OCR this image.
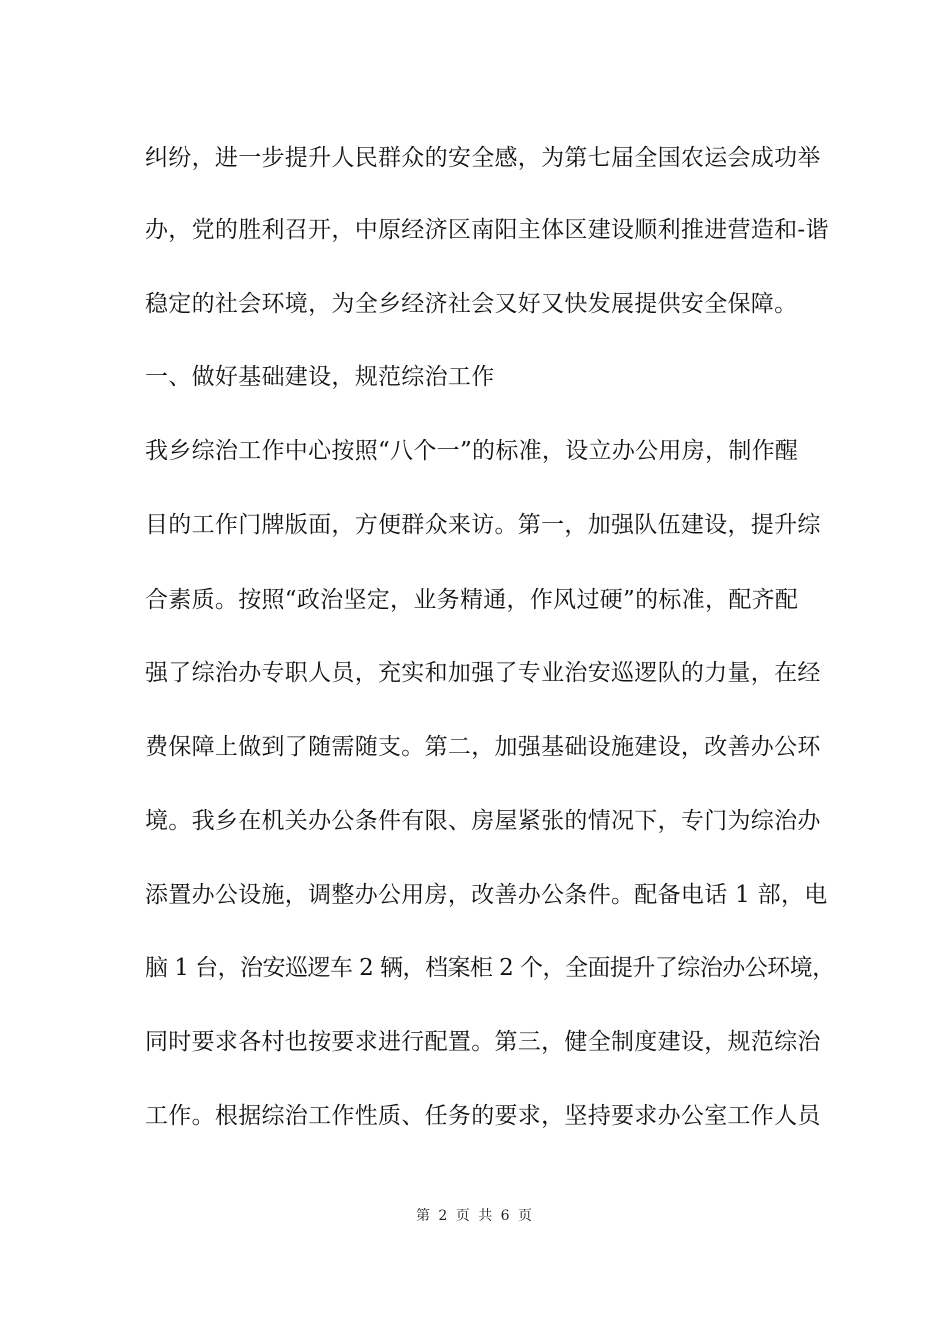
纠纷，进一步提升人民群众的安全感，为第七届全国农运会成功举
办，党的胜利召开，中原经济区南阳主体区建设顺利推进营造和-谐
稳定的社会环境，为全乡经济社会又好又快发展提供安全保障。
一、做好基础建设，规范综治工作
我乡综治工作中心按照“八个一”的标准，设立办公用房，制作醒
目的工作门牌版面，方便群众来访。第一，加强队伍建设，提升综
合素质。按照“政治坚定，业务精通，作风过硬”的标准，配齐配
强了综治办专职人员，充实和加强了专业治安巡逻队的力量，在经
费保障上做到了随需随支。第二，加强基础设施建设，改善办公环
境。我乡在机关办公条件有限、房屋紧张的情况下，专门为综治办
添置办公设施，调整办公用房，改善办公条件。配备电话 1 部，电
脑 1 台，治安巡逻车 2 辆，档案柜 2 个，全面提升了综治办公环境，
同时要求各村也按要求进行配置。第三，健全制度建设，规范综治
工作。根据综治工作性质、任务的要求，坚持要求办公室工作人员
第 2 页 共 6 页
